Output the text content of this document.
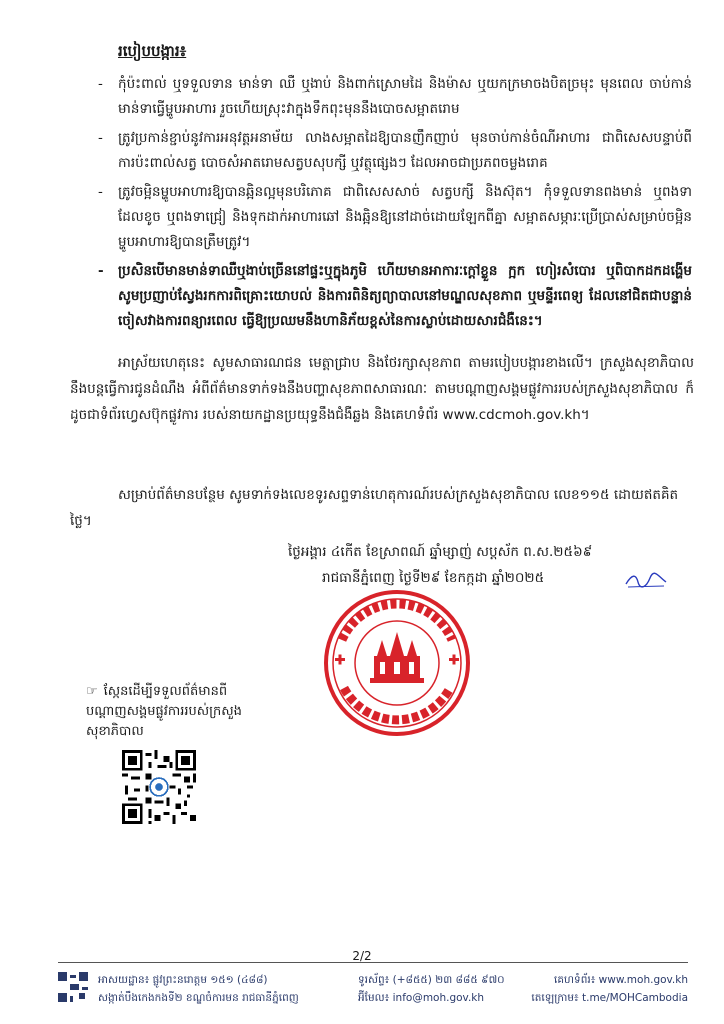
របៀបបង្ការ៖
- កុំប៉ះពាល់ ឬទទួលទាន មាន់ទា ឈឺ ឬងាប់ និងពាក់ស្រោមដៃ និងម៉ាស ឬយកក្រមាចងបិតច្រមុះ មុនពេល ចាប់កាន់មាន់ទាធ្វើម្ហូបអាហារ រួចហើយស្រុះវាក្នុងទឹកពុះមុននឹងបោចសម្អាតរោម
- ត្រូវប្រកាន់ខ្ជាប់នូវការអនុវត្តអនាម័យ លាងសម្អាតដៃឱ្យបានញឹកញាប់ មុនចាប់កាន់ចំណីអាហារ ជាពិសេសបន្ទាប់ពីការប៉ះពាល់សត្វ បោចសំអាតរោមសត្វបសុបក្សី ឬវត្ថុផ្សេងៗ ដែលអាចជាប្រភពចម្លងរោគ
- ត្រូវចម្អិនម្ហូបអាហារឱ្យបានឆ្អិនល្អមុនបរិភោគ ជាពិសេសសាច់ សត្វបក្សី និងស៊ុត។ កុំទទួលទានពងមាន់ ឬពងទាដែលខូច ឬពងទាជ្រៀ និងទុកដាក់អាហារឆៅ និងឆ្អិនឱ្យនៅដាច់ដោយឡែកពីគ្នា សម្អាតសម្ភារៈប្រើប្រាស់សម្រាប់ចម្អិនម្ហូបអាហារឱ្យបានត្រឹមត្រូវ។
- ប្រសិនបើមានមាន់ទាឈឺឬងាប់ច្រើននៅផ្ទះឬក្នុងភូមិ ហើយមានអាការៈក្តៅខ្លួន ក្អក ហៀរសំបោរ ឬពិបាកដកដង្ហើម សូមប្រញាប់ស្វែងរកការពិគ្រោះយោបល់ និងការពិនិត្យព្យាបាលនៅមណ្ឌលសុខភាព ឬមន្ទីរពេទ្យ ដែលនៅជិតជាបន្ទាន់ ចៀសវាងការពន្យារពេល ធ្វើឱ្យប្រឈមនឹងហានិភ័យខ្ពស់នៃការស្លាប់ដោយសារជំងឺនេះ។
អាស្រ័យហេតុនេះ សូមសាធារណជន មេត្តាជ្រាប និងថែរក្សាសុខភាព តាមរបៀបបង្ការខាងលើ។ ក្រសួងសុខាភិបាលនឹងបន្តធ្វើការជូនដំណឹង អំពីព័ត៌មានទាក់ទងនឹងបញ្ហាសុខភាពសាធារណៈ តាមបណ្តាញសង្គមផ្លូវការរបស់ក្រសួងសុខាភិបាល ក៏ដូចជាទំព័រហ្វេសប៊ុកផ្លូវការ របស់នាយកដ្ឋានប្រយុទ្ធនឹងជំងឺឆ្លង និងគេហទំព័រ www.cdcmoh.gov.kh។
សម្រាប់ព័ត៌មានបន្ថែម សូមទាក់ទងលេខទូរសព្ទទាន់ហេតុការណ៍របស់ក្រសួងសុខាភិបាល លេខ១១៥ ដោយឥតគិតថ្លៃ។
ថ្ងៃអង្គារ ៤កើត ខែស្រាពណ៍ ឆ្នាំម្សាញ់ សប្តស័ក ព.ស.២៥៦៩
រាជធានីភ្នំពេញ ថ្ងៃទី២៩ ខែកក្កដា ឆ្នាំ២០២៥
☞ ស្កែនដើម្បីទទួលព័ត៌មានពីបណ្តាញសង្គមផ្លូវការរបស់ក្រសួងសុខាភិបាល
2/2
អាសយដ្ឋាន៖ ផ្លូវព្រះនរោត្តម ១៥១ (៤៨៨)
សង្កាត់បឹងកេងកងទី២ ខណ្ឌចំការមន រាជធានីភ្នំពេញ
ទូរស័ព្ទ៖ (+៨៥៥) ២៣ ៨៨៥ ៩៧០
អ៊ីមែល៖ info@moh.gov.kh
គេហទំព័រ៖ www.moh.gov.kh
តេឡេក្រាម៖ t.me/MOHCambodia
